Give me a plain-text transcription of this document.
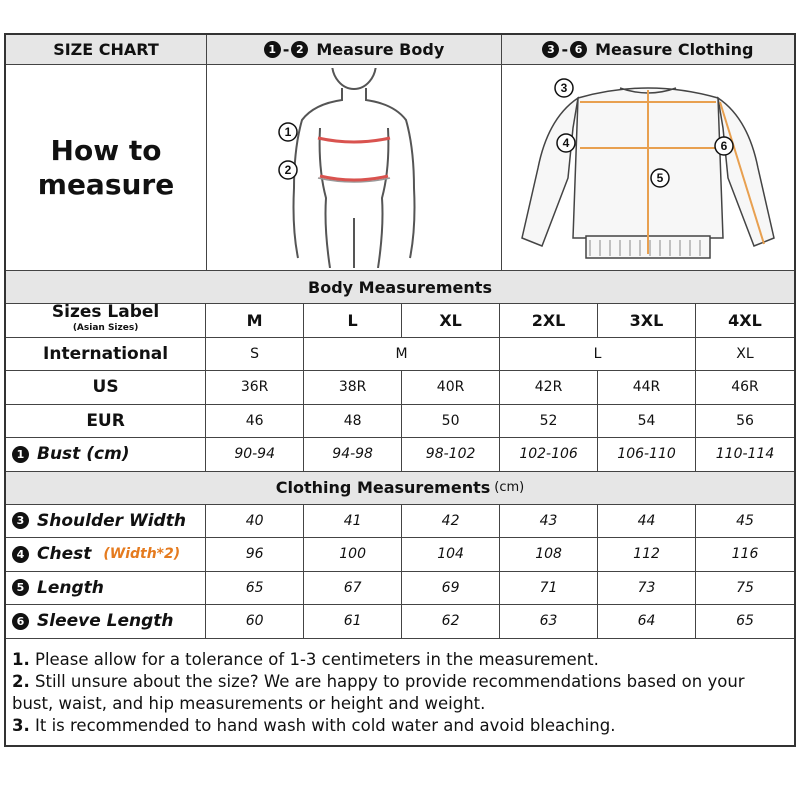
SIZE CHART	1 - 2 Measure Body	3 - 6 Measure Clothing
How to
measure
1
2
3
4
5
6
Body Measurements
Sizes Label
(Asian Sizes)	M	L	XL	2XL	3XL	4XL
International	S	M	L	XL
US	36R	38R	40R	42R	44R	46R
EUR	46	48	50	52	54	56
1 Bust (cm)	90-94	94-98	98-102	102-106	106-110	110-114
Clothing Measurements (cm)
3 Shoulder Width	40	41	42	43	44	45
4 Chest (Width*2)	96	100	104	108	112	116
5 Length	65	67	69	71	73	75
6 Sleeve Length	60	61	62	63	64	65

1. Please allow for a tolerance of 1-3 centimeters in the measurement.

2. Still unsure about the size? We are happy to provide recommendations based on your bust, waist, and hip measurements or height and weight.

3. It is recommended to hand wash with cold water and avoid bleaching.
